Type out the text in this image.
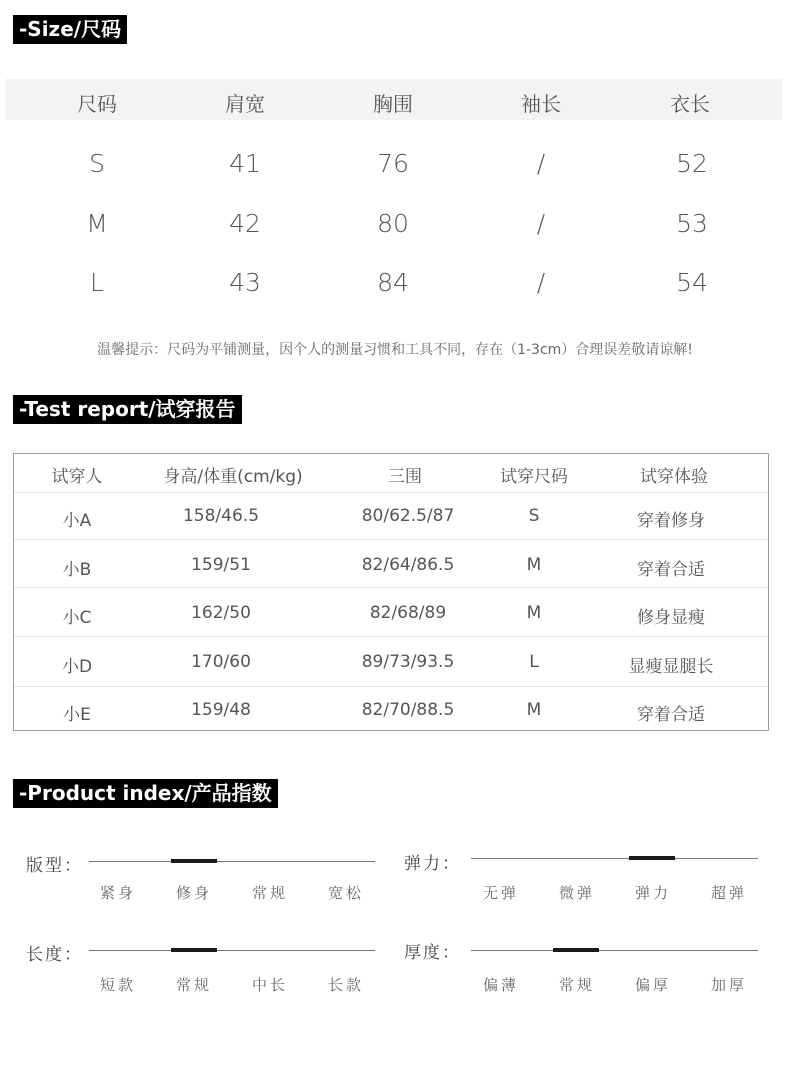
-Size/尺码
尺码	肩宽	胸围	袖长	衣长
S	41	76	/	52
M	42	80	/	53
L	43	84	/	54
温馨提示：尺码为平铺测量，因个人的测量习惯和工具不同，存在（1-3cm）合理误差敬请谅解!
-Test report/试穿报告
试穿人	身高/体重(cm/kg)	三围	试穿尺码	试穿体验
小A	158/46.5	80/62.5/87	S	穿着修身
小B	159/51	82/64/86.5	M	穿着合适
小C	162/50	82/68/89	M	修身显瘦
小D	170/60	89/73/93.5	L	显瘦显腿长
小E	159/48	82/70/88.5	M	穿着合适
-Product index/产品指数
版型：
紧身	修身	常规	宽松
弹力：
无弹	微弹	弹力	超弹
长度：
短款	常规	中长	长款
厚度：
偏薄	常规	偏厚	加厚
